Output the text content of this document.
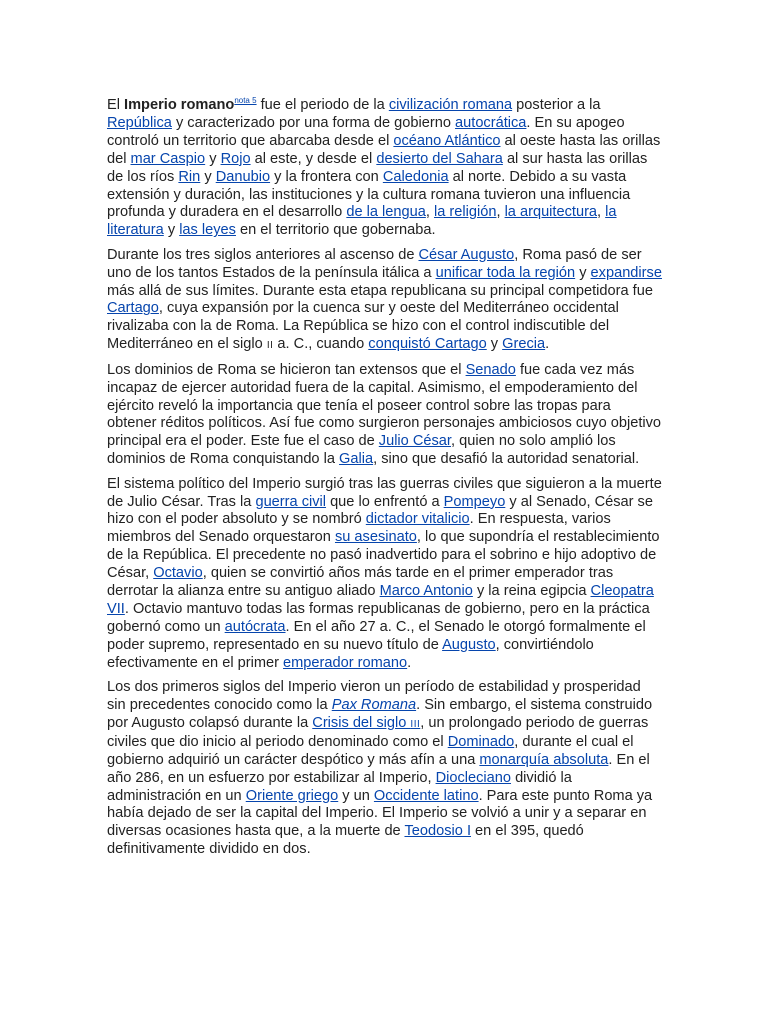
El Imperio romano$^{nota 5}$ fue el periodo de la civilización romana posterior a la República y caracterizado por una forma de gobierno autocrática. En su apogeo controló un territorio que abarcaba desde el océano Atlántico al oeste hasta las orillas del mar Caspio y Rojo al este, y desde el desierto del Sahara al sur hasta las orillas de los ríos Rin y Danubio y la frontera con Caledonia al norte. Debido a su vasta extensión y duración, las instituciones y la cultura romana tuvieron una influencia profunda y duradera en el desarrollo de la lengua, la religión, la arquitectura, la literatura y las leyes en el territorio que gobernaba.

Durante los tres siglos anteriores al ascenso de César Augusto, Roma pasó de ser uno de los tantos Estados de la península itálica a unificar toda la región y expandirse más allá de sus límites. Durante esta etapa republicana su principal competidora fue Cartago, cuya expansión por la cuenca sur y oeste del Mediterráneo occidental rivalizaba con la de Roma. La República se hizo con el control indiscutible del Mediterráneo en el siglo II a. C., cuando conquistó Cartago y Grecia.

Los dominios de Roma se hicieron tan extensos que el Senado fue cada vez más incapaz de ejercer autoridad fuera de la capital. Asimismo, el empoderamiento del ejército reveló la importancia que tenía el poseer control sobre las tropas para obtener réditos políticos. Así fue como surgieron personajes ambiciosos cuyo objetivo principal era el poder. Este fue el caso de Julio César, quien no solo amplió los dominios de Roma conquistando la Galia, sino que desafió la autoridad senatorial.

El sistema político del Imperio surgió tras las guerras civiles que siguieron a la muerte de Julio César. Tras la guerra civil que lo enfrentó a Pompeyo y al Senado, César se hizo con el poder absoluto y se nombró dictador vitalicio. En respuesta, varios miembros del Senado orquestaron su asesinato, lo que supondría el restablecimiento de la República. El precedente no pasó inadvertido para el sobrino e hijo adoptivo de César, Octavio, quien se convirtió años más tarde en el primer emperador tras derrotar la alianza entre su antiguo aliado Marco Antonio y la reina egipcia Cleopatra VII. Octavio mantuvo todas las formas republicanas de gobierno, pero en la práctica gobernó como un autócrata. En el año 27 a. C., el Senado le otorgó formalmente el poder supremo, representado en su nuevo título de Augusto, convirtiéndolo efectivamente en el primer emperador romano.

Los dos primeros siglos del Imperio vieron un período de estabilidad y prosperidad sin precedentes conocido como la Pax Romana. Sin embargo, el sistema construido por Augusto colapsó durante la Crisis del siglo III, un prolongado periodo de guerras civiles que dio inicio al periodo denominado como el Dominado, durante el cual el gobierno adquirió un carácter despótico y más afín a una monarquía absoluta. En el año 286, en un esfuerzo por estabilizar al Imperio, Diocleciano dividió la administración en un Oriente griego y un Occidente latino. Para este punto Roma ya había dejado de ser la capital del Imperio. El Imperio se volvió a unir y a separar en diversas ocasiones hasta que, a la muerte de Teodosio I en el 395, quedó definitivamente dividido en dos.
